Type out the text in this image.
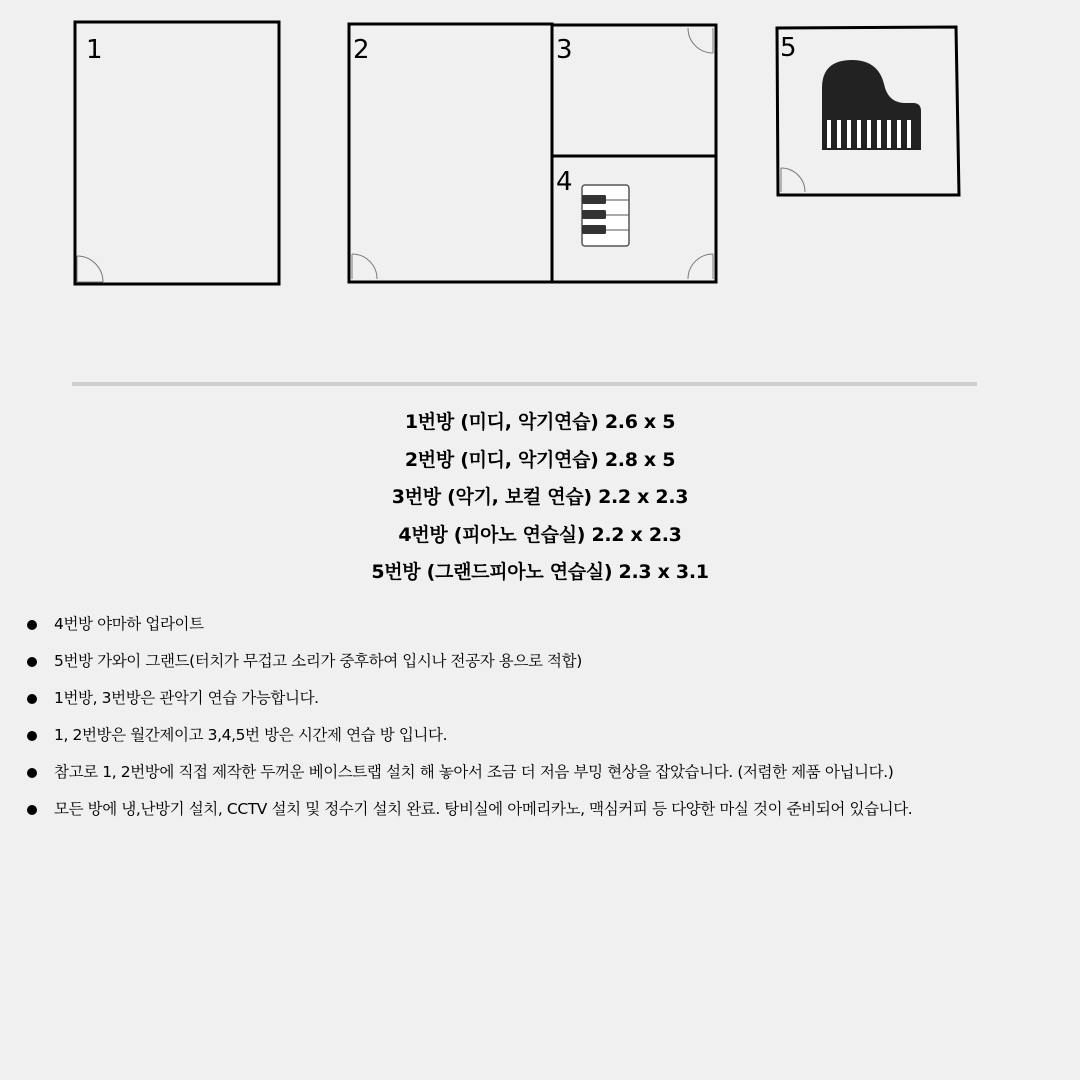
1	2	3
4
5
1번방 (미디, 악기연습) 2.6 x 5
2번방 (미디, 악기연습) 2.8 x 5
3번방 (악기, 보컬 연습) 2.2 x 2.3
4번방 (피아노 연습실) 2.2 x 2.3
5번방 (그랜드피아노 연습실) 2.3 x 3.1
4번방 야마하 업라이트
5번방 가와이 그랜드(터치가 무겁고 소리가 중후하여 입시나 전공자 용으로 적합)
1번방, 3번방은 관악기 연습 가능합니다.
1, 2번방은 월간제이고 3,4,5번 방은 시간제 연습 방 입니다.
참고로 1, 2번방에 직접 제작한 두꺼운 베이스트랩 설치 해 놓아서 조금 더 저음 부밍 현상을 잡았습니다. (저렴한 제품 아닙니다.)
모든 방에 냉,난방기 설치, CCTV 설치 및 정수기 설치 완료. 탕비실에 아메리카노, 맥심커피 등 다양한 마실 것이 준비되어 있습니다.
